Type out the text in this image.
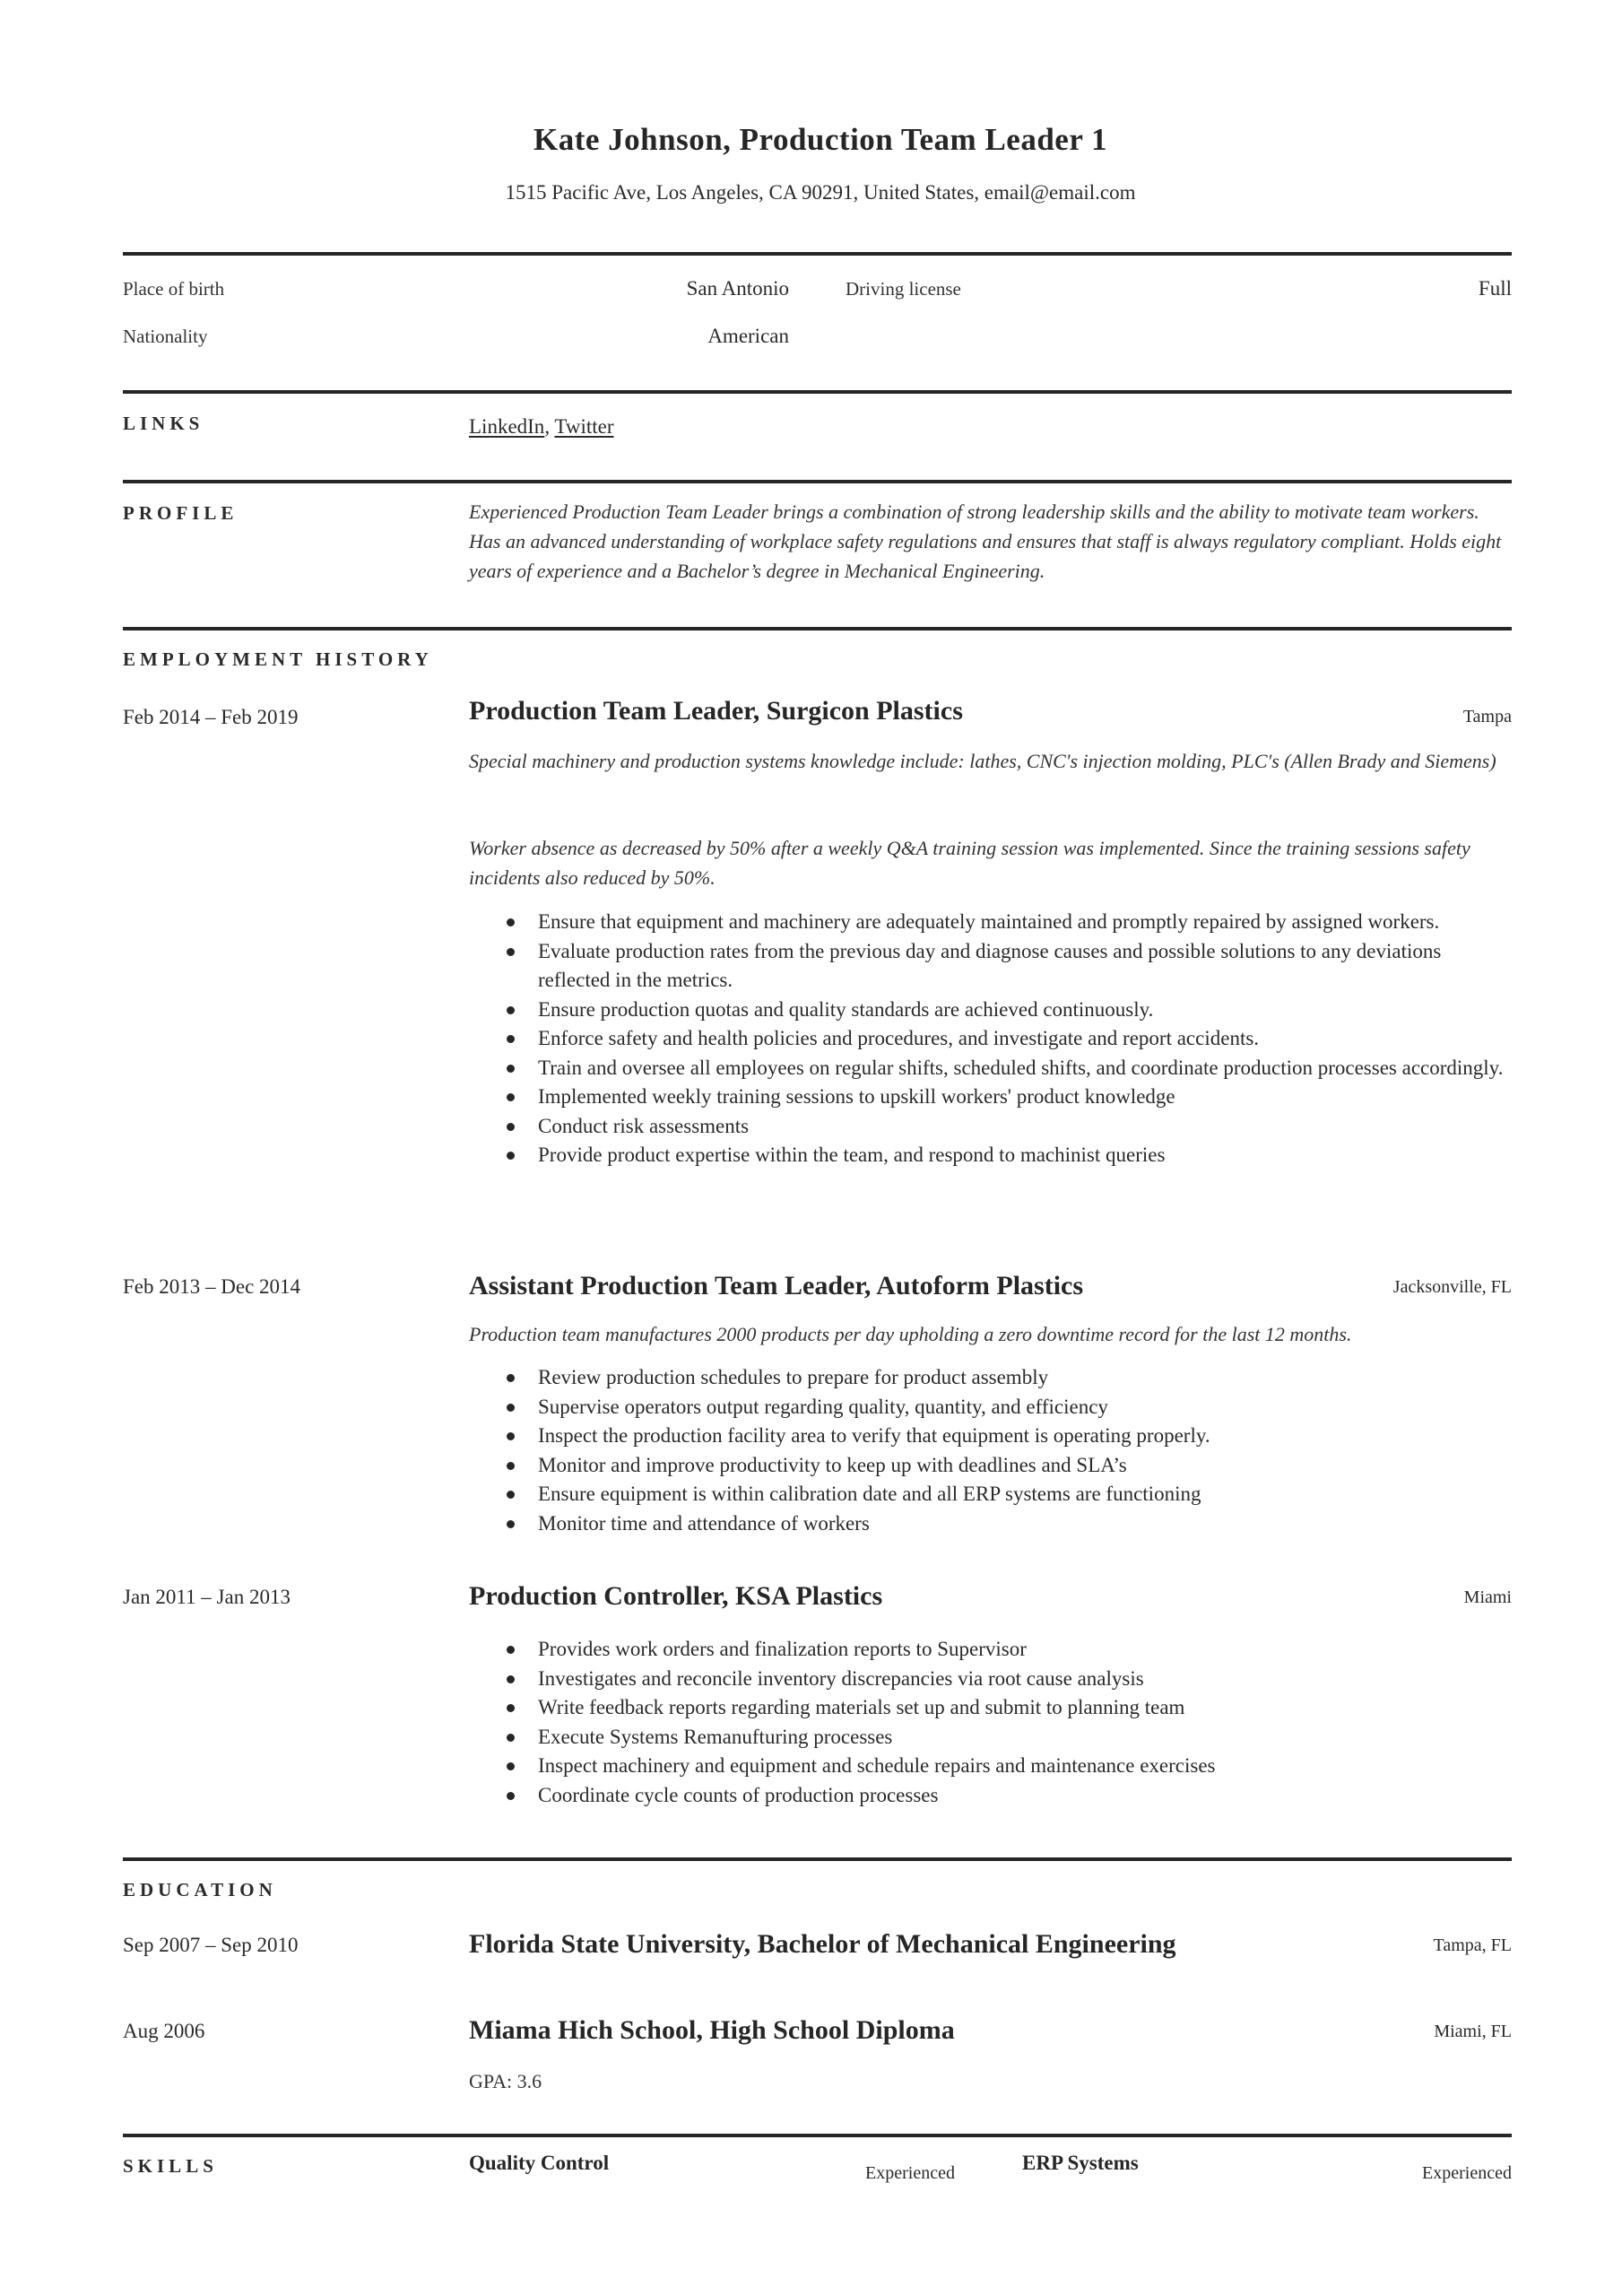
Kate Johnson, Production Team Leader 1
1515 Pacific Ave, Los Angeles, CA 90291, United States, email@email.com
Place of birth	San Antonio
Nationality	American
Driving license	Full
LINKS	LinkedIn, Twitter
PROFILE	Experienced Production Team Leader brings a combination of strong leadership skills and the ability to motivate team workers. Has an advanced understanding of workplace safety regulations and ensures that staff is always regulatory compliant. Holds eight years of experience and a Bachelor’s degree in Mechanical Engineering.
EMPLOYMENT HISTORY
Feb 2014 – Feb 2019	Production Team Leader, Surgicon Plastics	Tampa
Special machinery and production systems knowledge include: lathes, CNC's injection molding, PLC's (Allen Brady and Siemens)
Worker absence as decreased by 50% after a weekly Q&A training session was implemented. Since the training sessions safety incidents also reduced by 50%.
Ensure that equipment and machinery are adequately maintained and promptly repaired by assigned workers.
Evaluate production rates from the previous day and diagnose causes and possible solutions to any deviations reflected in the metrics.
Ensure production quotas and quality standards are achieved continuously.
Enforce safety and health policies and procedures, and investigate and report accidents.
Train and oversee all employees on regular shifts, scheduled shifts, and coordinate production processes accordingly.
Implemented weekly training sessions to upskill workers' product knowledge
Conduct risk assessments
Provide product expertise within the team, and respond to machinist queries
Feb 2013 – Dec 2014	Assistant Production Team Leader, Autoform Plastics	Jacksonville, FL
Production team manufactures 2000 products per day upholding a zero downtime record for the last 12 months.
Review production schedules to prepare for product assembly
Supervise operators output regarding quality, quantity, and efficiency
Inspect the production facility area to verify that equipment is operating properly.
Monitor and improve productivity to keep up with deadlines and SLA’s
Ensure equipment is within calibration date and all ERP systems are functioning
Monitor time and attendance of workers
Jan 2011 – Jan 2013	Production Controller, KSA Plastics	Miami
Provides work orders and finalization reports to Supervisor
Investigates and reconcile inventory discrepancies via root cause analysis
Write feedback reports regarding materials set up and submit to planning team
Execute Systems Remanufturing processes
Inspect machinery and equipment and schedule repairs and maintenance exercises
Coordinate cycle counts of production processes
EDUCATION
Sep 2007 – Sep 2010	Florida State University, Bachelor of Mechanical Engineering	Tampa, FL
Aug 2006	Miama Hich School, High School Diploma	Miami, FL
GPA: 3.6
SKILLS	Quality Control	Experienced	ERP Systems	Experienced
